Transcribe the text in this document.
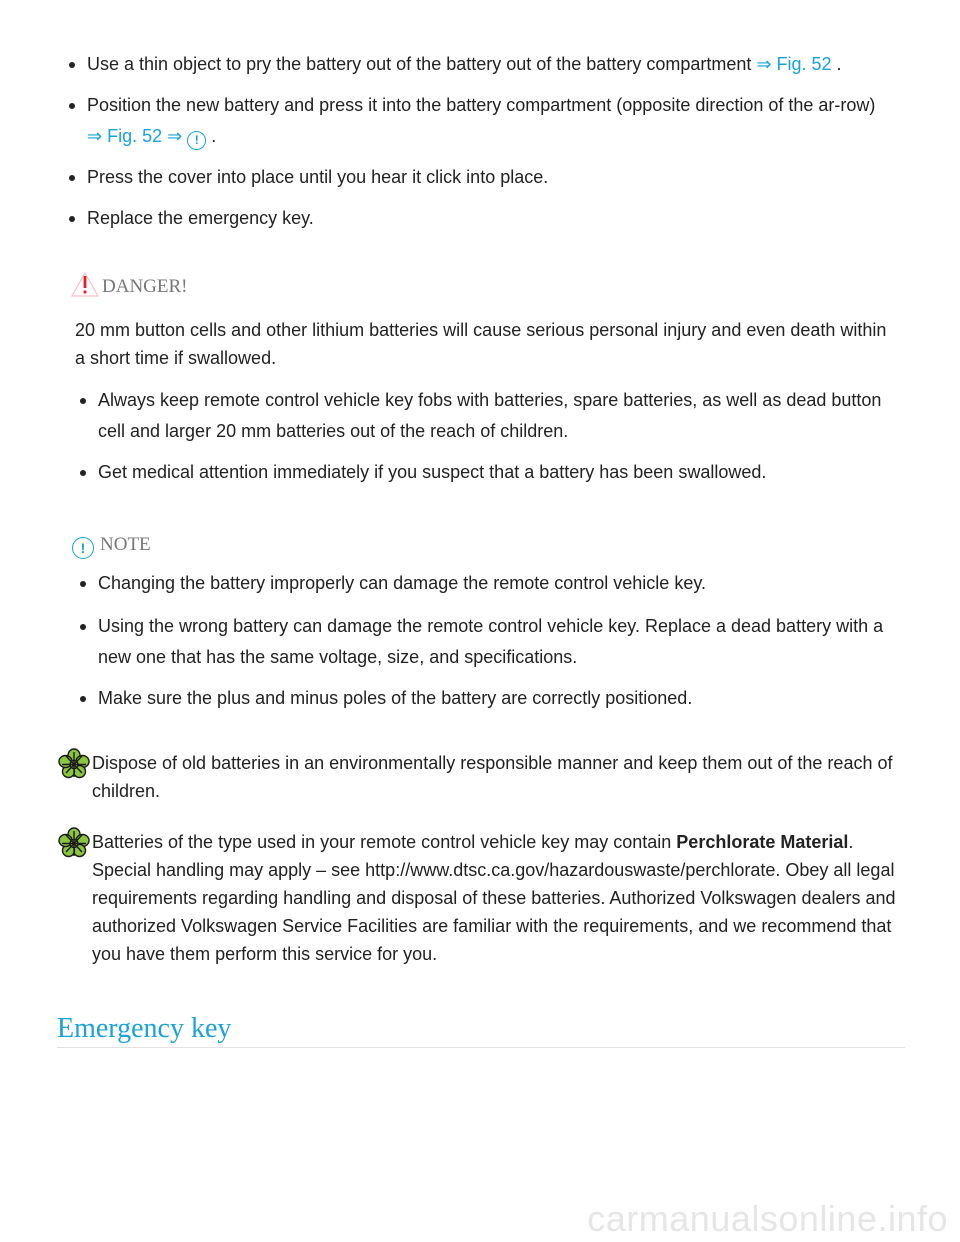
Use a thin object to pry the battery out of the battery out of the battery compartment ⇒ Fig. 52 .
Position the new battery and press it into the battery compartment (opposite direction of the ar-row) ⇒ Fig. 52 ⇒ ! .
Press the cover into place until you hear it click into place.
Replace the emergency key.
DANGER!
20 mm button cells and other lithium batteries will cause serious personal injury and even death within a short time if swallowed.
Always keep remote control vehicle key fobs with batteries, spare batteries, as well as dead button cell and larger 20 mm batteries out of the reach of children.
Get medical attention immediately if you suspect that a battery has been swallowed.
! NOTE
Changing the battery improperly can damage the remote control vehicle key.
Using the wrong battery can damage the remote control vehicle key. Replace a dead battery with a new one that has the same voltage, size, and specifications.
Make sure the plus and minus poles of the battery are correctly positioned.
Dispose of old batteries in an environmentally responsible manner and keep them out of the reach of children.
Batteries of the type used in your remote control vehicle key may contain Perchlorate Material. Special handling may apply – see http://www.dtsc.ca.gov/hazardouswaste/perchlorate. Obey all legal requirements regarding handling and disposal of these batteries. Authorized Volkswagen dealers and authorized Volkswagen Service Facilities are familiar with the requirements, and we recommend that you have them perform this service for you.
Emergency key
carmanualsonline.info
